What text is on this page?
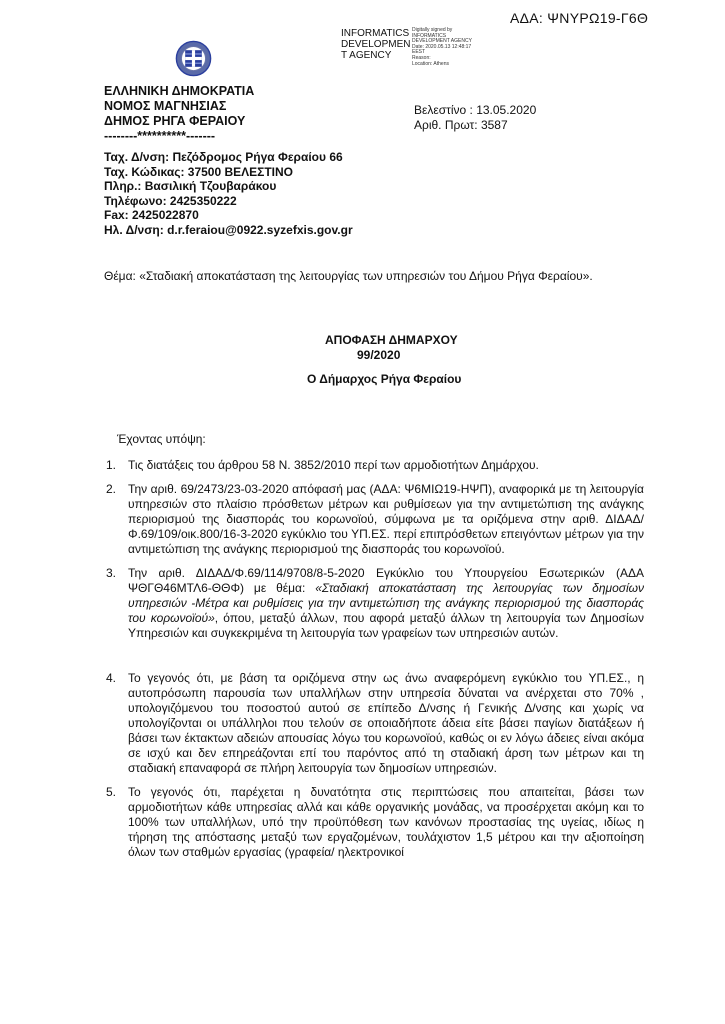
ΑΔΑ: ΨΝΥΡΩ19-Γ6Θ
INFORMATICS
DEVELOPMEN
T AGENCY
Digitally signed by
INFORMATICS
DEVELOPMENT AGENCY
Date: 2020.05.13 12:48:17
EEST
Reason:
Location: Athens
ΕΛΛΗΝΙΚΗ ΔΗΜΟΚΡΑΤΙΑ
ΝΟΜΟΣ ΜΑΓΝΗΣΙΑΣ
ΔΗΜΟΣ ΡΗΓΑ ΦΕΡΑΙΟΥ
--------**********-------
Βελεστίνο : 13.05.2020
Αριθ. Πρωτ: 3587
Ταχ. Δ/νση: Πεζόδρομος Ρήγα Φεραίου 66
Ταχ. Κώδικας: 37500 ΒΕΛΕΣΤΙΝΟ
Πληρ.: Βασιλική Τζουβαράκου
Τηλέφωνο: 2425350222
Fax: 2425022870
Ηλ. Δ/νση: d.r.feraiou@0922.syzefxis.gov.gr
Θέμα: «Σταδιακή αποκατάσταση της λειτουργίας των υπηρεσιών του Δήμου Ρήγα Φεραίου».
ΑΠΟΦΑΣΗ ΔΗΜΑΡΧΟΥ
99/2020
Ο Δήμαρχος Ρήγα Φεραίου
Έχοντας υπόψη:
1. Τις διατάξεις του άρθρου 58 Ν. 3852/2010 περί των αρμοδιοτήτων Δημάρχου.
2. Την αριθ. 69/2473/23-03-2020 απόφασή μας (ΑΔΑ: Ψ6ΜΙΩ19-ΗΨΠ), αναφορικά με τη λειτουργία υπηρεσιών στο πλαίσιο πρόσθετων μέτρων και ρυθμίσεων για την αντιμετώπιση της ανάγκης περιορισμού της διασποράς του κορωνοϊού, σύμφωνα με τα οριζόμενα στην αριθ. ΔΙΔΑΔ/Φ.69/109/οικ.800/16-3-2020 εγκύκλιο του ΥΠ.ΕΣ. περί επιπρόσθετων επειγόντων μέτρων για την αντιμετώπιση της ανάγκης περιορισμού της διασποράς του κορωνοϊού.
3. Την αριθ. ΔΙΔΑΔ/Φ.69/114/9708/8-5-2020 Εγκύκλιο του Υπουργείου Εσωτερικών (ΑΔΑ ΨΘΓΘ46ΜΤΛ6-ΘΘΦ) με θέμα: «Σταδιακή αποκατάσταση της λειτουργίας των δημοσίων υπηρεσιών -Μέτρα και ρυθμίσεις για την αντιμετώπιση της ανάγκης περιορισμού της διασποράς του κορωνοϊού», όπου, μεταξύ άλλων, που αφορά μεταξύ άλλων τη λειτουργία των Δημοσίων Υπηρεσιών και συγκεκριμένα τη λειτουργία των γραφείων των υπηρεσιών αυτών.
4. Το γεγονός ότι, με βάση τα οριζόμενα στην ως άνω αναφερόμενη εγκύκλιο του ΥΠ.ΕΣ., η αυτοπρόσωπη παρουσία των υπαλλήλων στην υπηρεσία δύναται να ανέρχεται στο 70% , υπολογιζόμενου του ποσοστού αυτού σε επίπεδο Δ/νσης ή Γενικής Δ/νσης και χωρίς να υπολογίζονται οι υπάλληλοι που τελούν σε οποιαδήποτε άδεια είτε βάσει παγίων διατάξεων ή βάσει των έκτακτων αδειών απουσίας λόγω του κορωνοϊού, καθώς οι εν λόγω άδειες είναι ακόμα σε ισχύ και δεν επηρεάζονται επί του παρόντος από τη σταδιακή άρση των μέτρων και τη σταδιακή επαναφορά σε πλήρη λειτουργία των δημοσίων υπηρεσιών.
5. Το γεγονός ότι, παρέχεται η δυνατότητα στις περιπτώσεις που απαιτείται, βάσει των αρμοδιοτήτων κάθε υπηρεσίας αλλά και κάθε οργανικής μονάδας, να προσέρχεται ακόμη και το 100% των υπαλλήλων, υπό την προϋπόθεση των κανόνων προστασίας της υγείας, ιδίως η τήρηση της απόστασης μεταξύ των εργαζομένων, τουλάχιστον 1,5 μέτρου και την αξιοποίηση όλων των σταθμών εργασίας (γραφεία/ ηλεκτρονικοί
